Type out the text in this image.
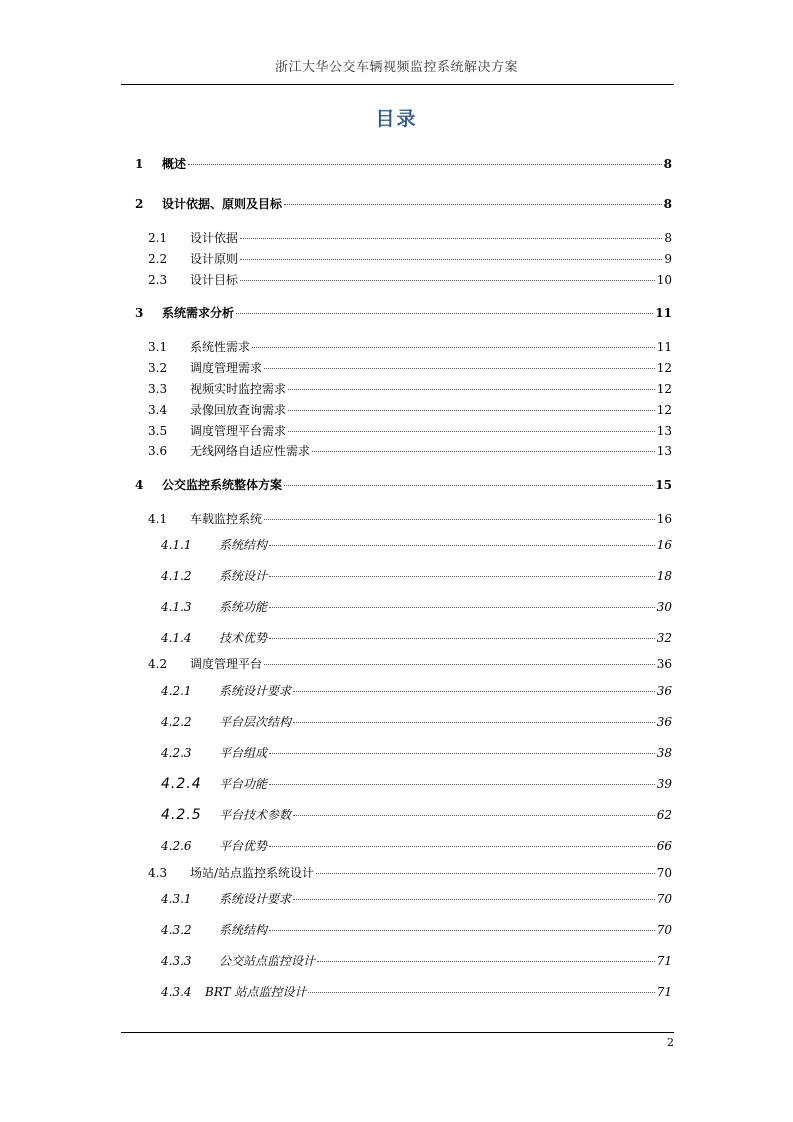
浙江大华公交车辆视频监控系统解决方案
目录
1	概述	8
2	设计依据、原则及目标	8
2.1	设计依据	8
2.2	设计原则	9
2.3	设计目标	10
3	系统需求分析	11
3.1	系统性需求	11
3.2	调度管理需求	12
3.3	视频实时监控需求	12
3.4	录像回放查询需求	12
3.5	调度管理平台需求	13
3.6	无线网络自适应性需求	13
4	公交监控系统整体方案	15
4.1	车载监控系统	16
4.1.1	系统结构	16
4.1.2	系统设计	18
4.1.3	系统功能	30
4.1.4	技术优势	32
4.2	调度管理平台	36
4.2.1	系统设计要求	36
4.2.2	平台层次结构	36
4.2.3	平台组成	38
4.2.4	平台功能	39
4.2.5	平台技术参数	62
4.2.6	平台优势	66
4.3	场站/站点监控系统设计	70
4.3.1	系统设计要求	70
4.3.2	系统结构	70
4.3.3	公交站点监控设计	71
4.3.4	BRT 站点监控设计	71
2
